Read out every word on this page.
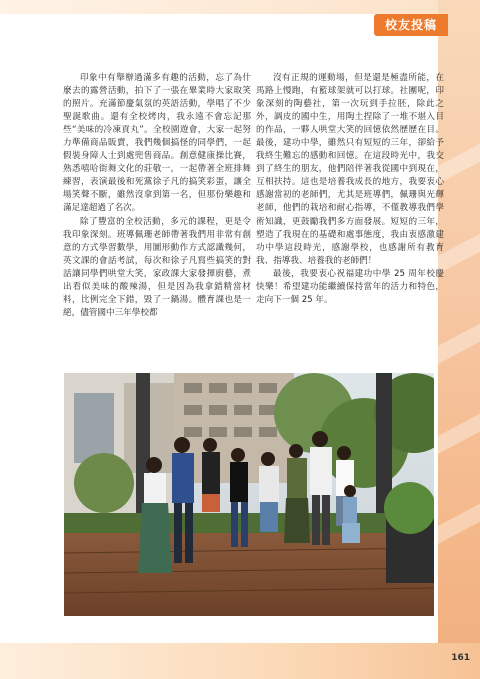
校友投稿

印象中有舉辦過滿多有趣的活動，忘了為什麼去的露營活動，拍下了一張在畢業時大家取笑的照片。充滿節慶氣氛的英語活動，學唱了不少聖誕歌曲。還有全校烤肉，我永遠不會忘記那些“美味的冷凍貢丸”。全校園遊會，大家一起努力準備商品販賣，我們幾個搞怪的同學們，一起假裝身障人士到處兜售商品。創意健康操比賽，熟悉嘻哈街舞文化的莊敬一，一起帶著全班排舞練習，表演最後和死黨徐子凡的搞笑彩蛋，讓全場笑聲不斷，雖然沒拿到第一名，但那份樂趣和滿足達超過了名次。

除了豐富的全校活動，多元的課程，更是令我印象深刻。班導佩珊老師帶著我們用非常有創意的方式學習數學，用圖形動作方式認識幾何，英文課的會話考試，每次和徐子凡寫些搞笑的對話讓同學們哄堂大笑，家政課大家發揮廚藝，煮出看似美味的酸辣湯，但是因為我拿錯精當材料，比例完全下錯，毀了一鍋湯。體育課也是一絕，儘管國中三年學校都

沒有正規的運動場，但是還是極盡所能，在馬路上慢跑，有籃球架就可以打球。社團呢，印象深刻的陶藝社，第一次玩到手拉胚，除此之外，調皮的國中生，用陶土捏除了一堆不堪入目的作品，一夥人哄堂大笑的回憶依然歷歷在目。最後，建功中學，雖然只有短短的三年，卻給予我終生難忘的感動和回憶。在這段時光中，我交到了終生的朋友，他們陪伴著我從國中到現在，互相扶持。這也是培養我成長的地方，我要衷心感謝當初的老師們，尤其是班導們，佩珊與光輝老師，他們的栽培和耐心指導，不僅教導我們學術知識，更鼓勵我們多方面發展。短短的三年，塑造了我現在的基礎和處事態度，我由衷感激建功中學這段時光，感謝學校，也感謝所有教育我、指導我、培養我的老師們！

最後，我要衷心祝福建功中學 25 周年校慶快樂！希望建功能繼續保持當年的活力和特色，走向下一個 25 年。

161
